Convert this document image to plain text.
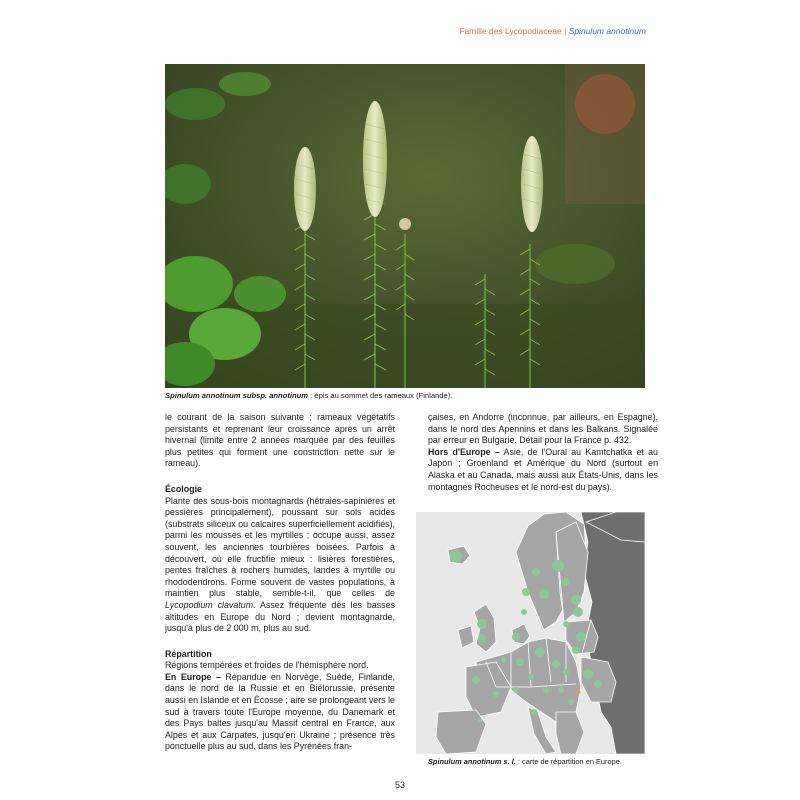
Famille des Lycopodiaceae | Spinulum annotinum
Spinulum annotinum subsp. annotinum : épis au sommet des rameaux (Finlande).

le courant de la saison suivante ; rameaux végétatifs persistants et reprenant leur croissance après un arrêt hivernal (limite entre 2 années marquée par des feuilles plus petites qui forment une constriction nette sur le rameau).

Écologie

Plante des sous-bois montagnards (hêtraies-sapinières et pessières principalement), poussant sur sols acides (substrats siliceux ou calcaires superficiellement acidifiés), parmi les mousses et les myrtilles ; occupe aussi, assez souvent, les anciennes tourbières boisées. Parfois à découvert, où elle fructifie mieux : lisières forestières, pentes fraîches à rochers humides, landes à myrtille ou rhododendrons. Forme souvent de vastes populations, à maintien plus stable, semble-t-il, que celles de Lycopodium clavatum. Assez fréquente dès les basses altitudes en Europe du Nord ; devient montagnarde, jusqu'à plus de 2 000 m, plus au sud.

Répartition

Régions tempérées et froides de l'hémisphère nord.

En Europe – Répandue en Norvège, Suède, Finlande, dans le nord de la Russie et en Biélorussie, présente aussi en Islande et en Écosse ; aire se prolongeant vers le sud à travers toute l'Europe moyenne, du Danemark et des Pays baltes jusqu'au Massif central en France, aux Alpes et aux Carpates, jusqu'en Ukraine ; présence très ponctuelle plus au sud, dans les Pyrénées fran-

çaises, en Andorre (inconnue, par ailleurs, en Espagne), dans le nord des Apennins et dans les Balkans. Signalée par erreur en Bulgarie. Détail pour la France p. 432.

Hors d'Europe – Asie, de l'Oural au Kamtchatka et au Japon ; Groenland et Amérique du Nord (surtout en Alaska et au Canada, mais aussi aux États-Unis, dans les montagnes Rocheuses et le nord-est du pays).

Spinulum annotinum s. l. : carte de répartition en Europe.
53
